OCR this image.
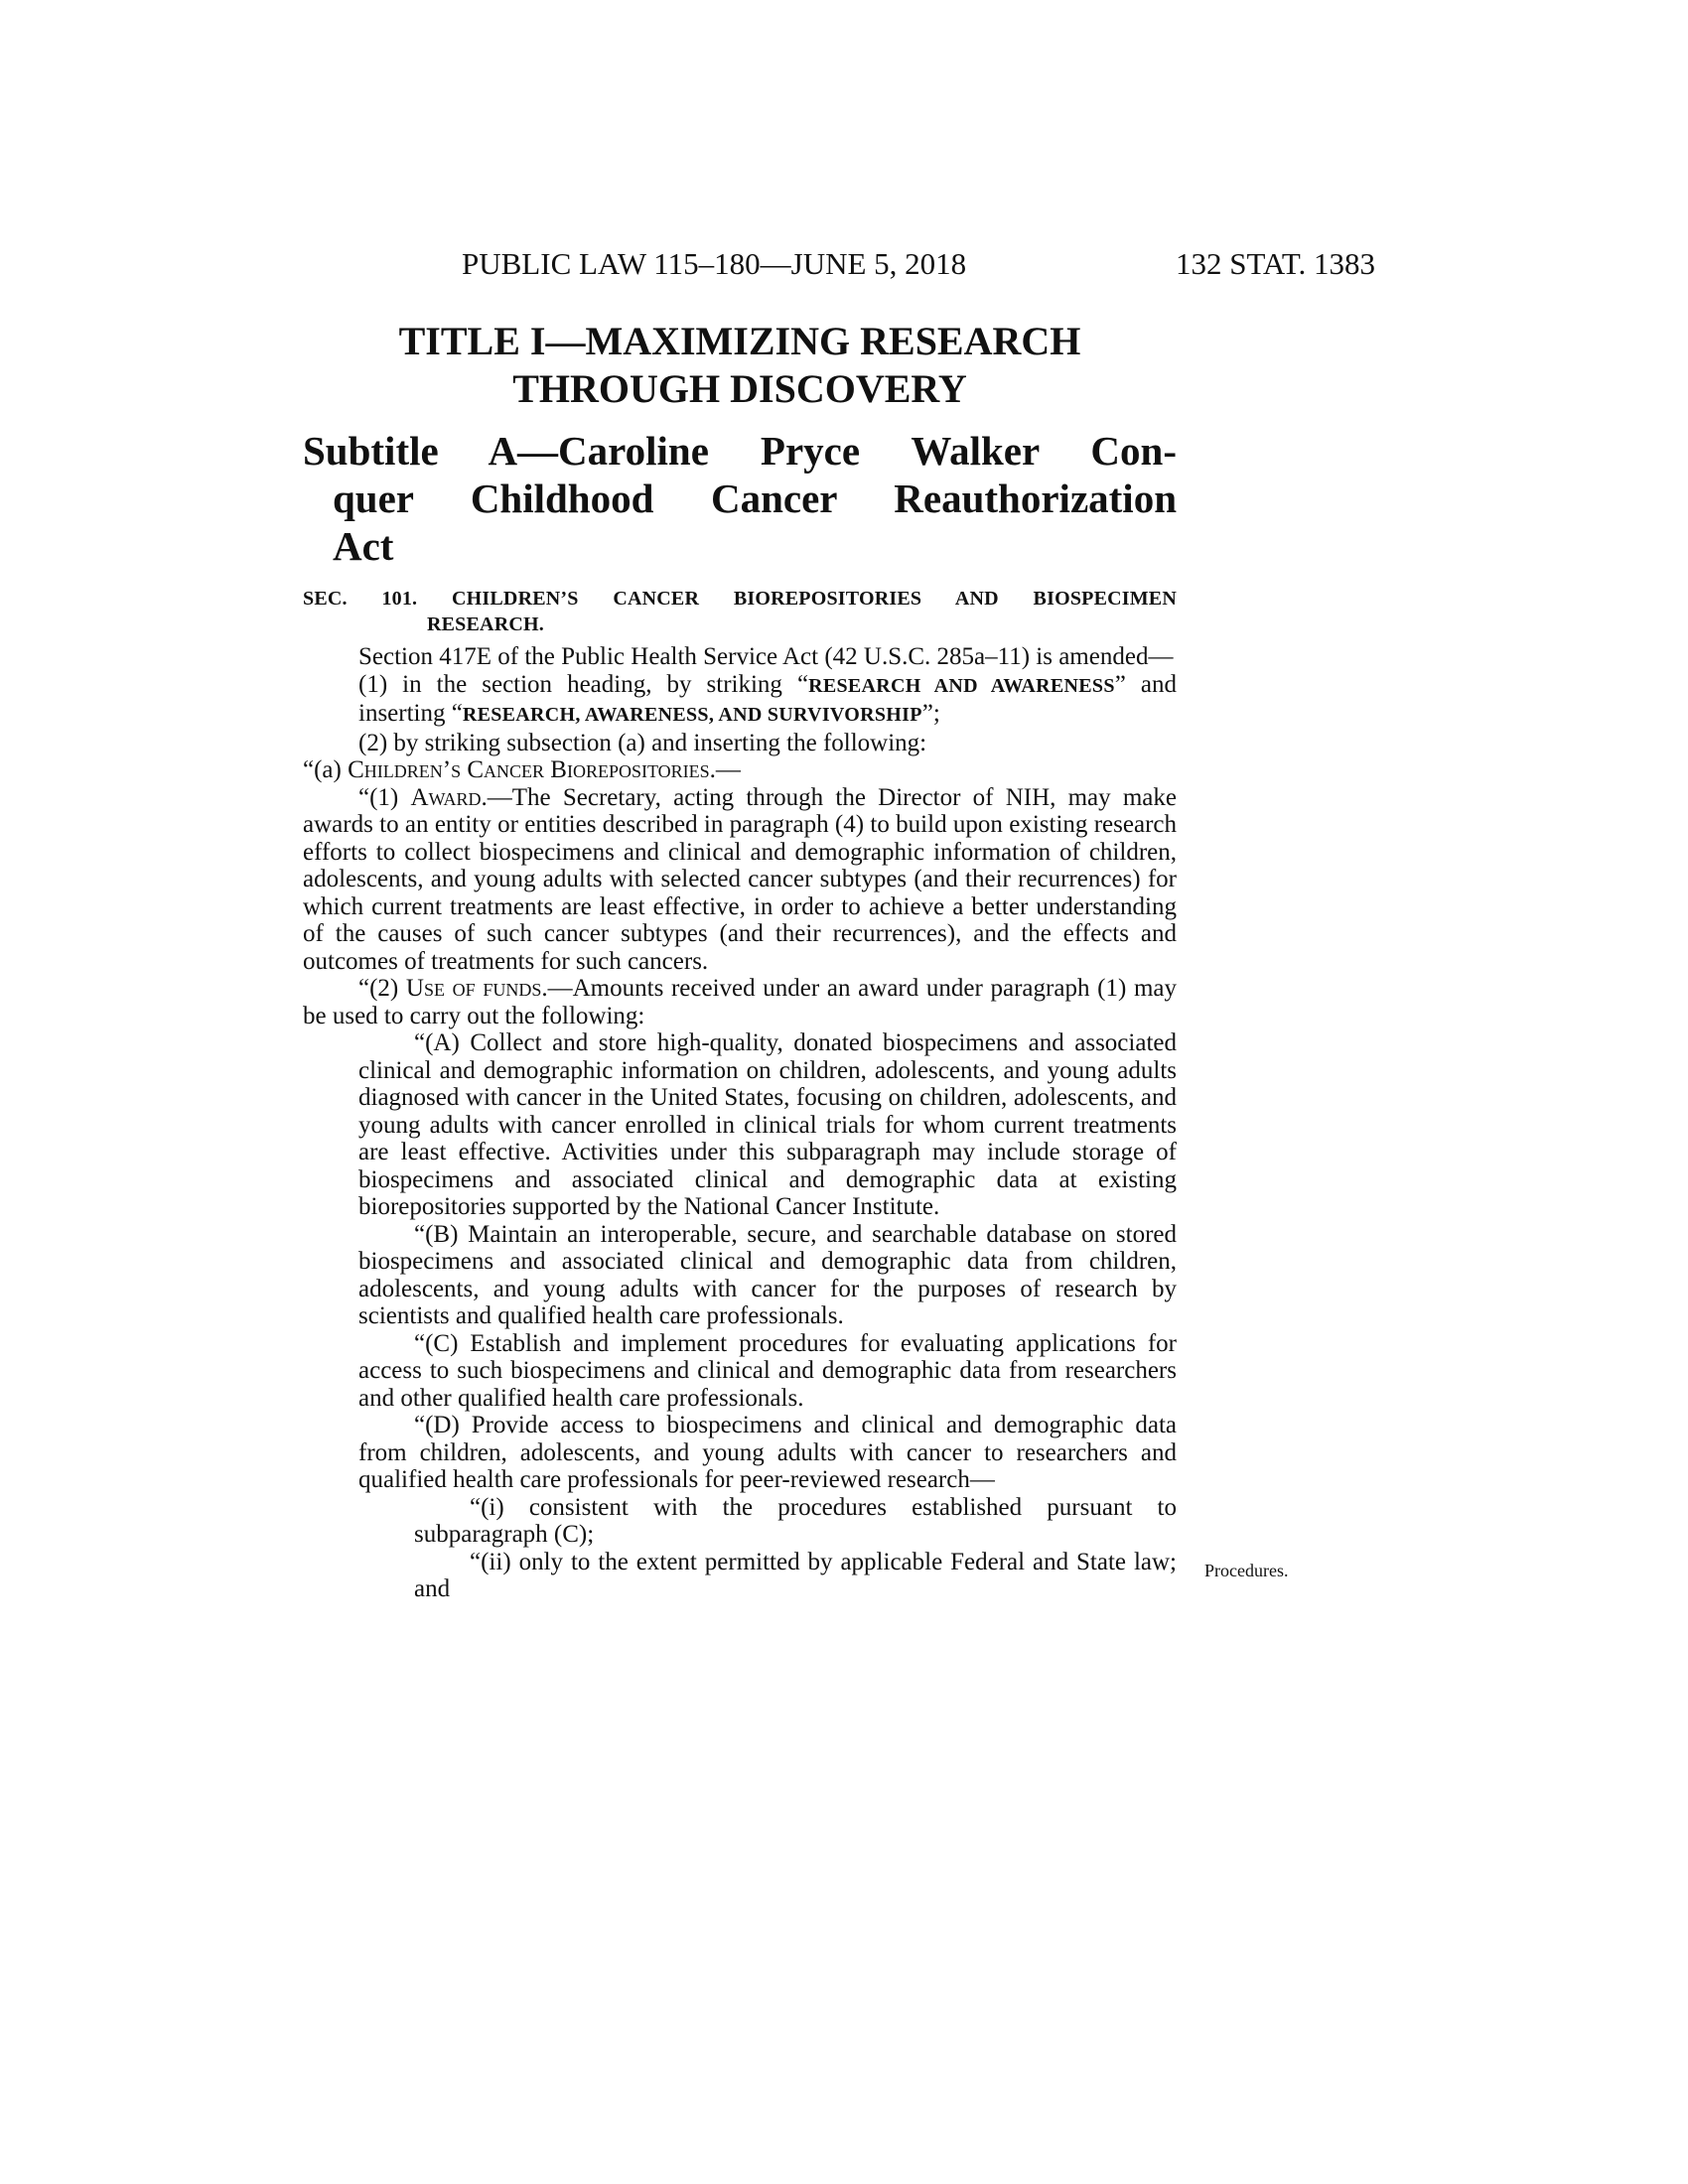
PUBLIC LAW 115–180—JUNE 5, 2018	132 STAT. 1383
TITLE I—MAXIMIZING RESEARCH
THROUGH DISCOVERY
Subtitle A—Caroline Pryce Walker Con-
quer Childhood Cancer Reauthorization
Act
SEC. 101. CHILDREN’S CANCER BIOREPOSITORIES AND BIOSPECIMEN
RESEARCH.

Section 417E of the Public Health Service Act (42 U.S.C. 285a–11) is amended—

(1) in the section heading, by striking “RESEARCH AND AWARENESS” and inserting “RESEARCH, AWARENESS, AND SURVIVORSHIP”;

(2) by striking subsection (a) and inserting the following:

“(a) Children’s Cancer Biorepositories.—

“(1) Award.—The Secretary, acting through the Director of NIH, may make awards to an entity or entities described in paragraph (4) to build upon existing research efforts to collect biospecimens and clinical and demographic information of children, adolescents, and young adults with selected cancer subtypes (and their recurrences) for which current treatments are least effective, in order to achieve a better understanding of the causes of such cancer subtypes (and their recurrences), and the effects and outcomes of treatments for such cancers.

“(2) Use of funds.—Amounts received under an award under paragraph (1) may be used to carry out the following:

“(A) Collect and store high-quality, donated biospecimens and associated clinical and demographic information on children, adolescents, and young adults diagnosed with cancer in the United States, focusing on children, adolescents, and young adults with cancer enrolled in clinical trials for whom current treatments are least effective. Activities under this subparagraph may include storage of biospecimens and associated clinical and demographic data at existing biorepositories supported by the National Cancer Institute.

“(B) Maintain an interoperable, secure, and searchable database on stored biospecimens and associated clinical and demographic data from children, adolescents, and young adults with cancer for the purposes of research by scientists and qualified health care professionals.

“(C) Establish and implement procedures for evaluating applications for access to such biospecimens and clinical and demographic data from researchers and other qualified health care professionals.

“(D) Provide access to biospecimens and clinical and demographic data from children, adolescents, and young adults with cancer to researchers and qualified health care professionals for peer-reviewed research—

“(i) consistent with the procedures established pursuant to subparagraph (C);

“(ii) only to the extent permitted by applicable Federal and State law; and

Procedures.
